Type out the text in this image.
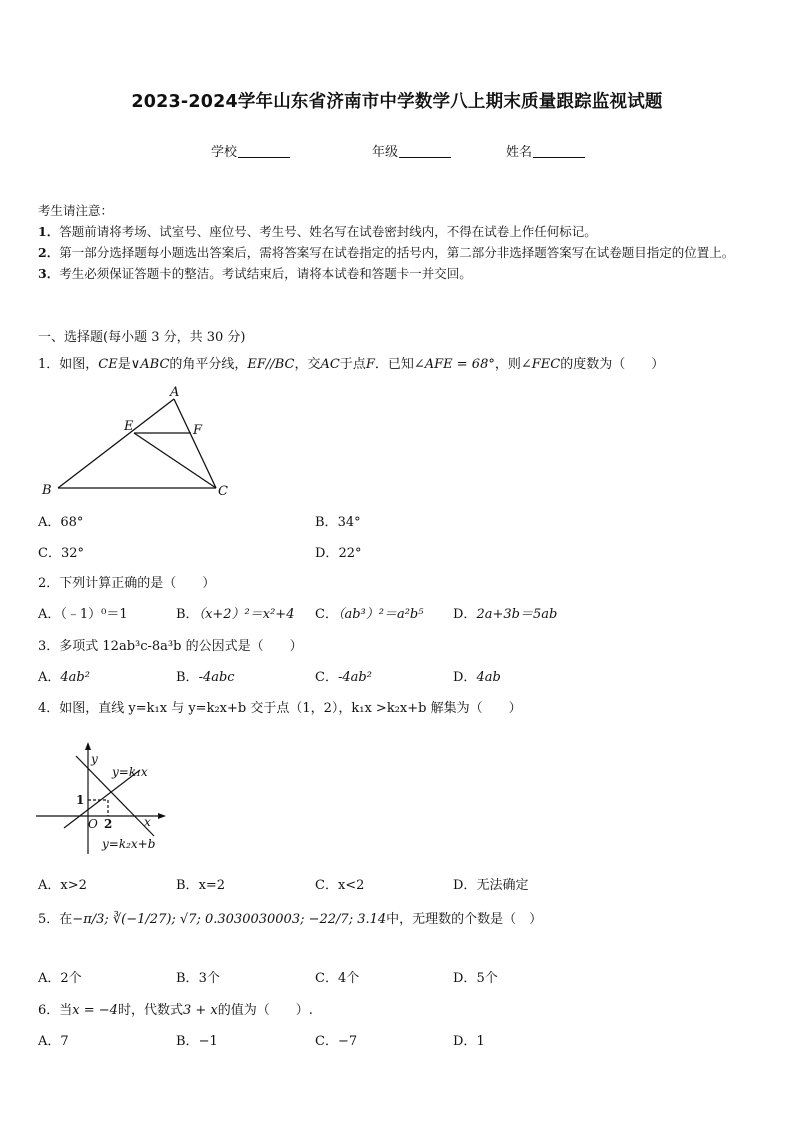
2023-2024学年山东省济南市中学数学八上期末质量跟踪监视试题
学校	年级	姓名
考生请注意：
1．答题前请将考场、试室号、座位号、考生号、姓名写在试卷密封线内，不得在试卷上作任何标记。
2．第一部分选择题每小题选出答案后，需将答案写在试卷指定的括号内，第二部分非选择题答案写在试卷题目指定的位置上。
3．考生必须保证答题卡的整洁。考试结束后，请将本试卷和答题卡一并交回。
一、选择题(每小题 3 分，共 30 分)
1．如图，CE是∨ABC的角平分线，EF//BC，交AC于点F．已知∠AFE = 68°，则∠FEC的度数为（　　）
A
B	C
E	F
A．68°	B．34°
C．32°	D．22°
2．下列计算正确的是（　　）
A．（﹣1）⁰＝1	B．（x+2）²＝x²+4 C．（ab³）²＝a²b⁵ D．2a+3b＝5ab
3．多项式 12ab³c-8a³b 的公因式是（　　）
A．4ab²	B．-4abc	C．-4ab²	D．4ab
4．如图，直线 y=k₁x 与 y=k₂x+b 交于点（1，2），k₁x >k₂x+b 解集为（　　）
y
x
O
1
2
y=k₁x
y=k₂x+b
A．x>2	B．x=2	C．x<2	D．无法确定
5．在−π/3; ∛(−1/27); √7; 0.3030030003; −22/7; 3.14中，无理数的个数是（　）
A．2个	B．3个	C．4个	D．5个
6．当x = −4时，代数式3 + x的值为（　　）.
A．7	B．−1	C．−7	D．1
